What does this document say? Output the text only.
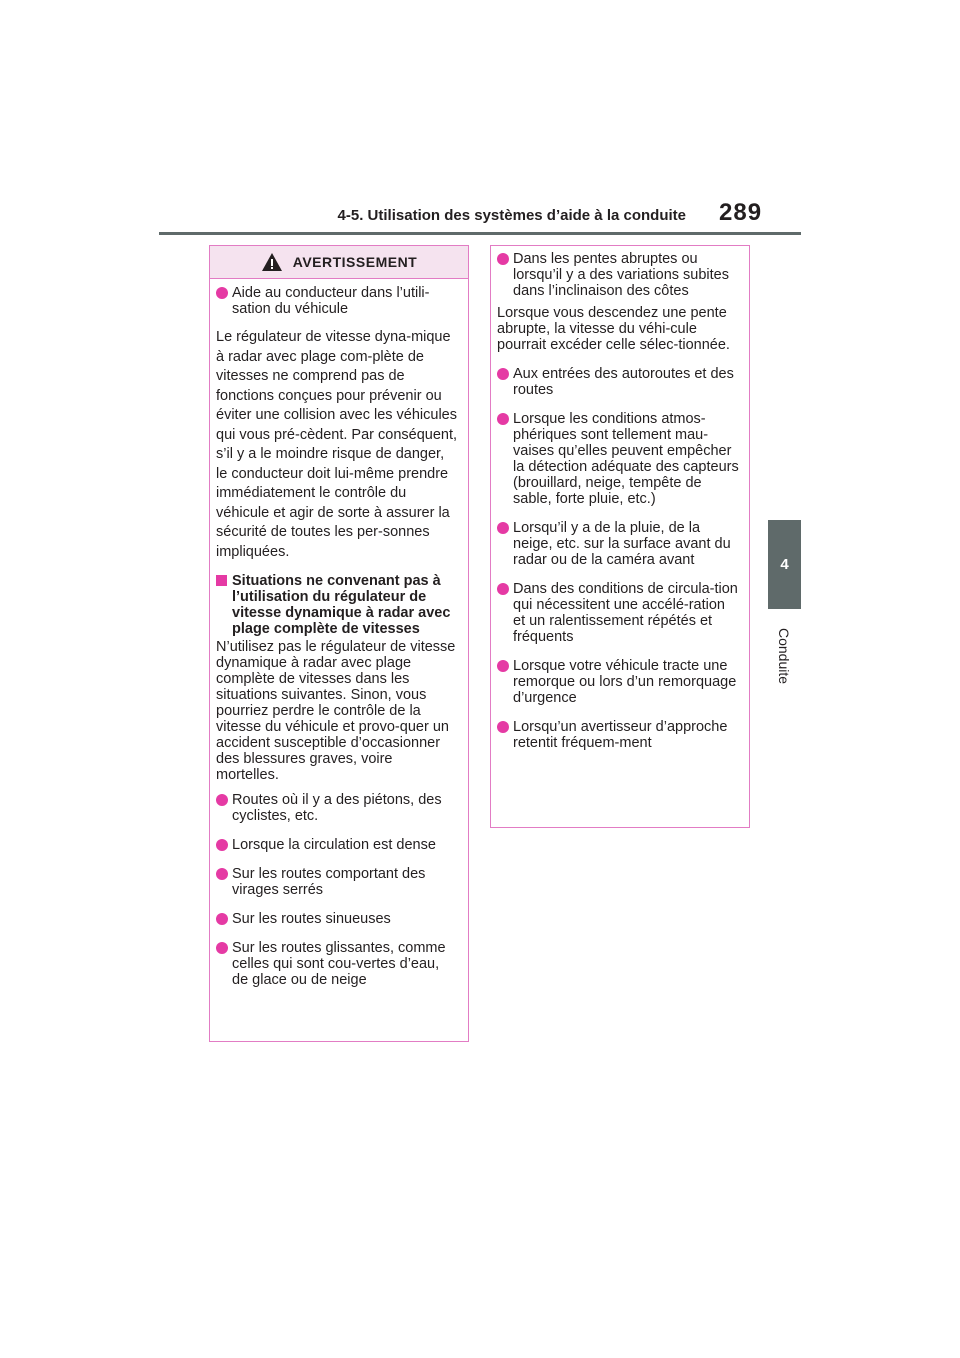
4-5. Utilisation des systèmes d’aide à la conduite 289
4
Conduite
AVERTISSEMENT
Aide au conducteur dans l’utili-sation du véhicule
Le régulateur de vitesse dyna-mique à radar avec plage com-plète de vitesses ne comprend pas de fonctions conçues pour prévenir ou éviter une collision avec les véhicules qui vous pré-cèdent. Par conséquent, s’il y a le moindre risque de danger, le conducteur doit lui-même prendre immédiatement le contrôle du véhicule et agir de sorte à assurer la sécurité de toutes les per-sonnes impliquées.
Situations ne convenant pas à l’utilisation du régulateur de vitesse dynamique à radar avec plage complète de vitesses
N’utilisez pas le régulateur de vitesse dynamique à radar avec plage complète de vitesses dans les situations suivantes. Sinon, vous pourriez perdre le contrôle de la vitesse du véhicule et provo-quer un accident susceptible d’occasionner des blessures graves, voire mortelles.
Routes où il y a des piétons, des cyclistes, etc.
Lorsque la circulation est dense
Sur les routes comportant des virages serrés
Sur les routes sinueuses
Sur les routes glissantes, comme celles qui sont cou-vertes d’eau, de glace ou de neige
Dans les pentes abruptes ou lorsqu’il y a des variations subites dans l’inclinaison des côtes
Lorsque vous descendez une pente abrupte, la vitesse du véhi-cule pourrait excéder celle sélec-tionnée.
Aux entrées des autoroutes et des routes
Lorsque les conditions atmos-phériques sont tellement mau-vaises qu’elles peuvent empêcher la détection adéquate des capteurs (brouillard, neige, tempête de sable, forte pluie, etc.)
Lorsqu’il y a de la pluie, de la neige, etc. sur la surface avant du radar ou de la caméra avant
Dans des conditions de circula-tion qui nécessitent une accélé-ration et un ralentissement répétés et fréquents
Lorsque votre véhicule tracte une remorque ou lors d’un remorquage d’urgence
Lorsqu’un avertisseur d’approche retentit fréquem-ment
